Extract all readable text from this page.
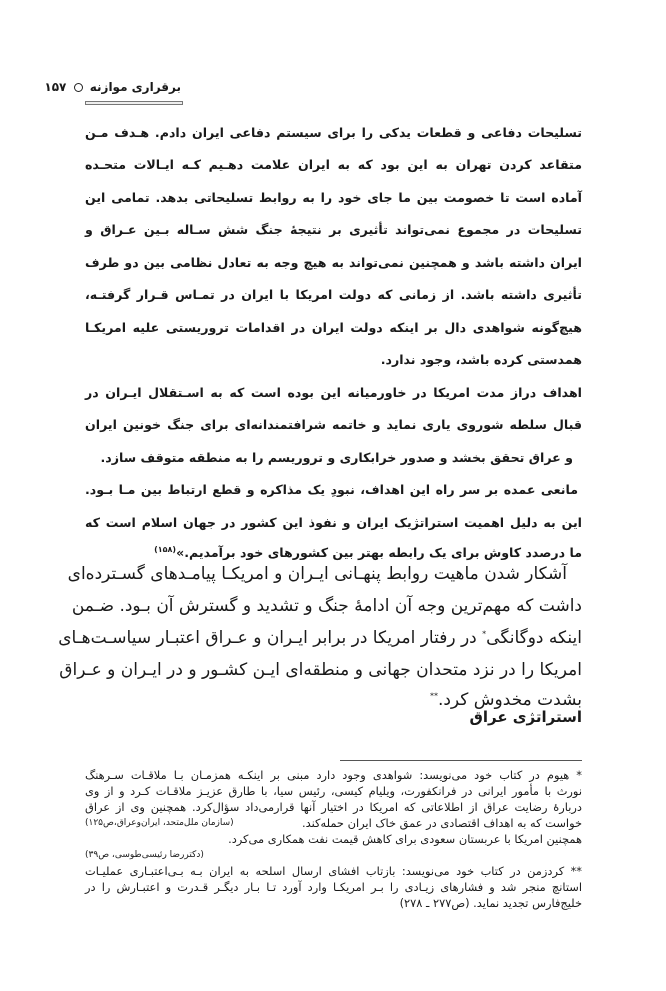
برقراری موازنه  ۱۵۷
تسلیحات دفاعی و قطعات یدکی را برای سیستم دفاعی ایران دادم. هـدف مـن
متقاعد کردن تهران به این بود که به ایران علامت دهـیم کـه ایـالات متحـده
آماده است تا خصومت بین ما جای خود را به روابط تسلیحاتی بدهد. تمامی این
تسلیحات در مجموع نمی‌تواند تأثیری بر نتیجهٔ جنگ شش سـاله بـین عـراق و
ایران داشته باشد و همچنین نمی‌تواند به هیچ وجه به تعادل نظامی بین دو طرف
تأثیری داشته باشد. از زمانی که دولت امریکا با ایران در تمـاس قـرار گرفتـه،
هیچ‌گونه شواهدی دال بر اینکه دولت ایران در اقدامات تروریستی علیه امریکـا
همدستی کرده باشد، وجود ندارد.
اهداف دراز مدت امریکا در خاورمیانه این بوده است که به اسـتقلال ایـران در
قبال سلطه شوروی یاری نماید و خاتمه شرافتمندانه‌ای برای جنگ خونین ایران
و عراق تحقق بخشد و صدور خرابکاری و تروریسم را به منطقه متوقف سازد.
مانعی عمده بر سر راه این اهداف، نبودِ یک مذاکره و قطع ارتباط بین مـا بـود.
این به دلیل اهمیت استراتژیک ایران و نفوذ این کشور در جهان اسلام است که
ما درصدد کاوش برای یک رابطه بهتر بین کشورهای خود برآمدیم.»$^{(۱۵۸)}$
آشکار شدن ماهیت روابط پنهـانی ایـران و امریکـا پیامـدهای گسـترده‌ای
داشت که مهم‌ترین وجه آن ادامهٔ جنگ و تشدید و گسترش آن بـود. ضـمن
اینکه دوگانگی* در رفتار امریکا در برابر ایـران و عـراق اعتبـار سیاسـت‌هـای
امریکا را در نزد متحدان جهانی و منطقه‌ای ایـن کشـور و در ایـران و عـراق
بشدت مخدوش کرد.**
استراتژی عراق
* هیوم در کتاب خود می‌نویسد: شواهدی وجود دارد مبنی بر اینکـه همزمـان بـا ملاقـات سـرهنگ
نورث با مأمور ایرانی در فرانکفورت، ویلیام کیسی، رئیس سیا، با طارق عزیـز ملاقـات کـرد و از وی
دربارهٔ رضایت عراق از اطلاعاتی که امریکا در اختیار آنها قرارمی‌داد سؤال‌کرد. همچنین وی از عراق
خواست که به اهداف اقتصادی در عمق خاک ایران حمله‌کند.
(سازمان ملل‌متحد، ایران‌وعراق،ص۱۲۵)
همچنین امریکا با عربستان سعودی برای کاهش قیمت نفت همکاری می‌کرد.
(دکتررضا رئیسی‌طوسی، ص۳۹)
** کردزمن در کتاب خود می‌نویسد: بازتاب افشای ارسال اسلحه به ایران بـه بـی‌اعتبـاری عملیـات
استانچ منجر شد و فشارهای زیـادی را بـر امریکـا وارد آورد تـا بـار دیگـر قـدرت و اعتبـارش را در
خلیج‌فارس تجدید نماید. (ص۲۷۷ ـ ۲۷۸)
